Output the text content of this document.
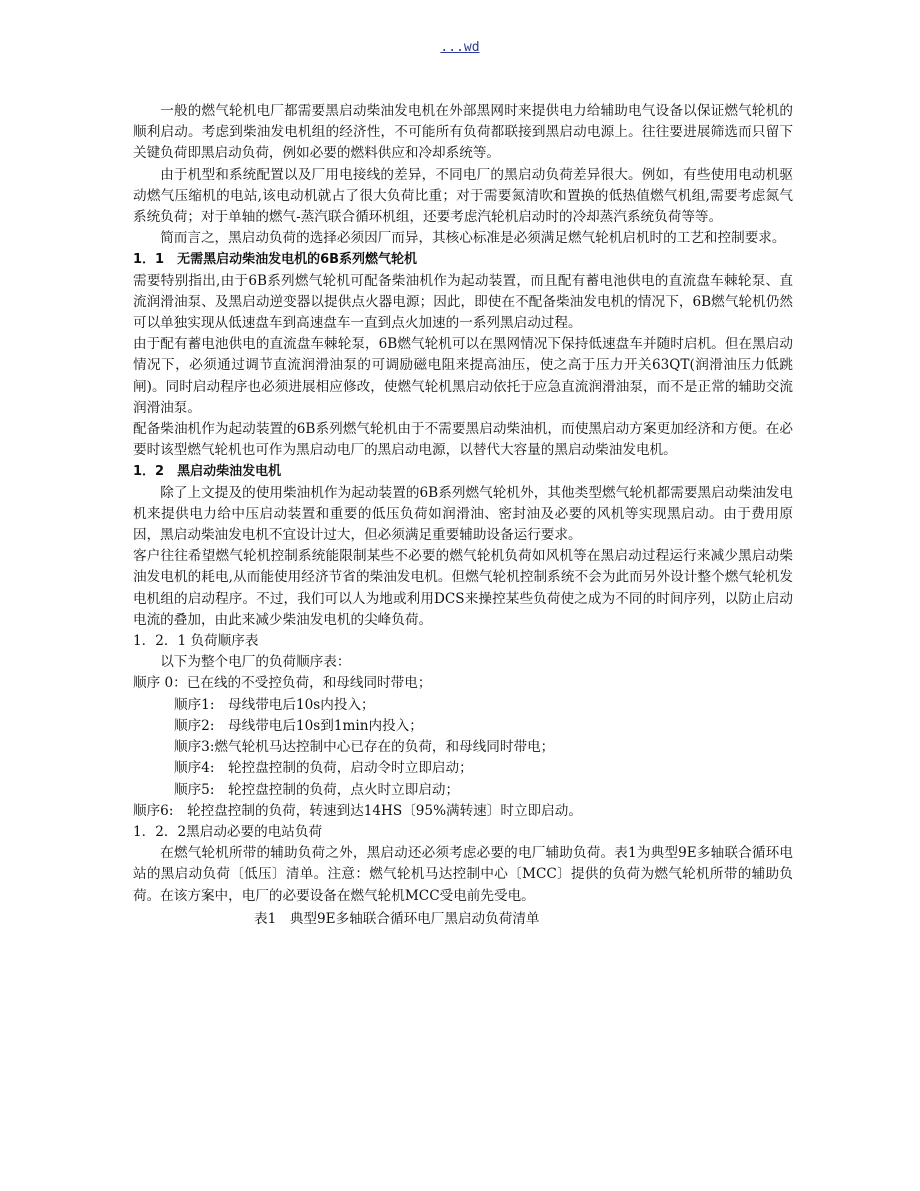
...wd

一般的燃气轮机电厂都需要黑启动柴油发电机在外部黑网时来提供电力给辅助电气设备以保证燃气轮机的顺利启动。考虑到柴油发电机组的经济性，不可能所有负荷都联接到黑启动电源上。往往要进展筛选而只留下关键负荷即黑启动负荷，例如必要的燃料供应和冷却系统等。

由于机型和系统配置以及厂用电接线的差异，不同电厂的黑启动负荷差异很大。例如，有些使用电动机驱动燃气压缩机的电站,该电动机就占了很大负荷比重；对于需要氮清吹和置换的低热值燃气机组,需要考虑氮气系统负荷；对于单轴的燃气-蒸汽联合循环机组，还要考虑汽轮机启动时的冷却蒸汽系统负荷等等。

简而言之，黑启动负荷的选择必须因厂而异，其核心标准是必须满足燃气轮机启机时的工艺和控制要求。

1．1　无需黑启动柴油发电机的6B系列燃气轮机

需要特别指出,由于6B系列燃气轮机可配备柴油机作为起动装置，而且配有蓄电池供电的直流盘车棘轮泵、直流润滑油泵、及黑启动逆变器以提供点火器电源；因此，即使在不配备柴油发电机的情况下，6B燃气轮机仍然可以单独实现从低速盘车到高速盘车一直到点火加速的一系列黑启动过程。

由于配有蓄电池供电的直流盘车棘轮泵，6B燃气轮机可以在黑网情况下保持低速盘车并随时启机。但在黑启动情况下，必须通过调节直流润滑油泵的可调励磁电阻来提高油压，使之高于压力开关63QT(润滑油压力低跳闸)。同时启动程序也必须进展相应修改，使燃气轮机黑启动依托于应急直流润滑油泵，而不是正常的辅助交流润滑油泵。

配备柴油机作为起动装置的6B系列燃气轮机由于不需要黑启动柴油机，而使黑启动方案更加经济和方便。在必要时该型燃气轮机也可作为黑启动电厂的黑启动电源，以替代大容量的黑启动柴油发电机。

1．2　黑启动柴油发电机

除了上文提及的使用柴油机作为起动装置的6B系列燃气轮机外，其他类型燃气轮机都需要黑启动柴油发电机来提供电力给中压启动装置和重要的低压负荷如润滑油、密封油及必要的风机等实现黑启动。由于费用原因，黑启动柴油发电机不宜设计过大，但必须满足重要辅助设备运行要求。

客户往往希望燃气轮机控制系统能限制某些不必要的燃气轮机负荷如风机等在黑启动过程运行来减少黑启动柴油发电机的耗电,从而能使用经济节省的柴油发电机。但燃气轮机控制系统不会为此而另外设计整个燃气轮机发电机组的启动程序。不过，我们可以人为地或利用DCS来操控某些负荷使之成为不同的时间序列，以防止启动电流的叠加，由此来减少柴油发电机的尖峰负荷。

1．2．1 负荷顺序表

以下为整个电厂的负荷顺序表：

顺序 0：已在线的不受控负荷，和母线同时带电；

顺序1:　母线带电后10s内投入；

顺序2:　母线带电后10s到1min内投入；

顺序3:燃气轮机马达控制中心已存在的负荷，和母线同时带电；

顺序4:　轮控盘控制的负荷，启动令时立即启动；

顺序5:　轮控盘控制的负荷，点火时立即启动；

顺序6:　轮控盘控制的负荷，转速到达14HS〔95%满转速〕时立即启动。

1．2．2黑启动必要的电站负荷

在燃气轮机所带的辅助负荷之外，黑启动还必须考虑必要的电厂辅助负荷。表1为典型9E多轴联合循环电站的黑启动负荷〔低压〕清单。注意：燃气轮机马达控制中心〔MCC〕提供的负荷为燃气轮机所带的辅助负荷。在该方案中，电厂的必要设备在燃气轮机MCC受电前先受电。

表1　典型9E多轴联合循环电厂黑启动负荷清单
